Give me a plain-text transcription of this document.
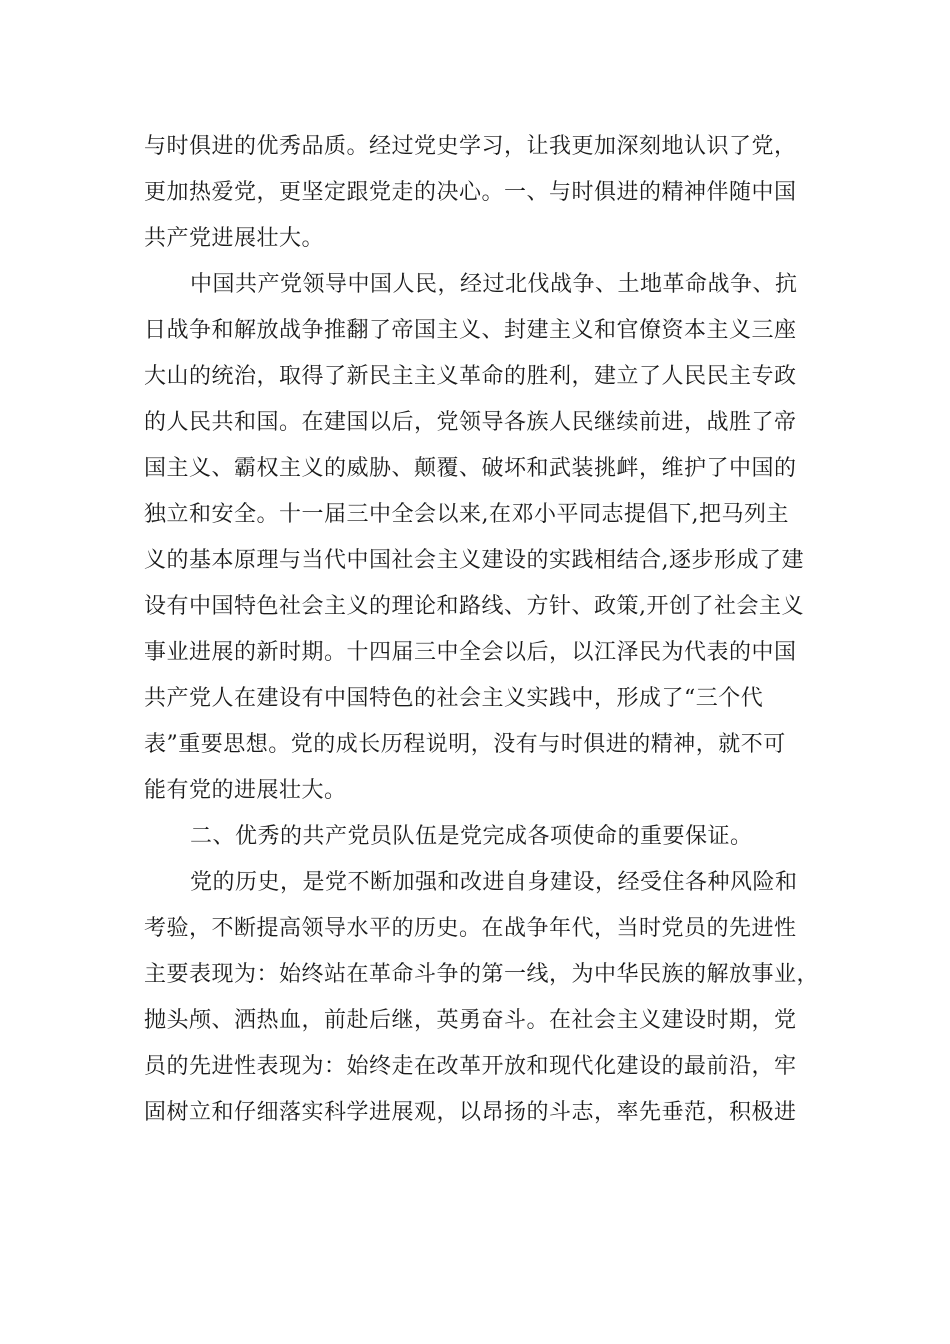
与时俱进的优秀品质。经过党史学习，让我更加深刻地认识了党，
更加热爱党，更坚定跟党走的决心。一、与时俱进的精神伴随中国
共产党进展壮大。
中国共产党领导中国人民，经过北伐战争、土地革命战争、抗
日战争和解放战争推翻了帝国主义、封建主义和官僚资本主义三座
大山的统治，取得了新民主主义革命的胜利，建立了人民民主专政
的人民共和国。在建国以后，党领导各族人民继续前进，战胜了帝
国主义、霸权主义的威胁、颠覆、破坏和武装挑衅，维护了中国的
独立和安全。十一届三中全会以来,在邓小平同志提倡下,把马列主
义的基本原理与当代中国社会主义建设的实践相结合,逐步形成了建
设有中国特色社会主义的理论和路线、方针、政策,开创了社会主义
事业进展的新时期。十四届三中全会以后，以江泽民为代表的中国
共产党人在建设有中国特色的社会主义实践中，形成了“三个代
表”重要思想。党的成长历程说明，没有与时俱进的精神，就不可
能有党的进展壮大。
二、优秀的共产党员队伍是党完成各项使命的重要保证。
党的历史，是党不断加强和改进自身建设，经受住各种风险和
考验，不断提高领导水平的历史。在战争年代，当时党员的先进性
主要表现为：始终站在革命斗争的第一线，为中华民族的解放事业，
抛头颅、洒热血，前赴后继，英勇奋斗。在社会主义建设时期，党
员的先进性表现为：始终走在改革开放和现代化建设的最前沿，牢
固树立和仔细落实科学进展观，以昂扬的斗志，率先垂范，积极进
